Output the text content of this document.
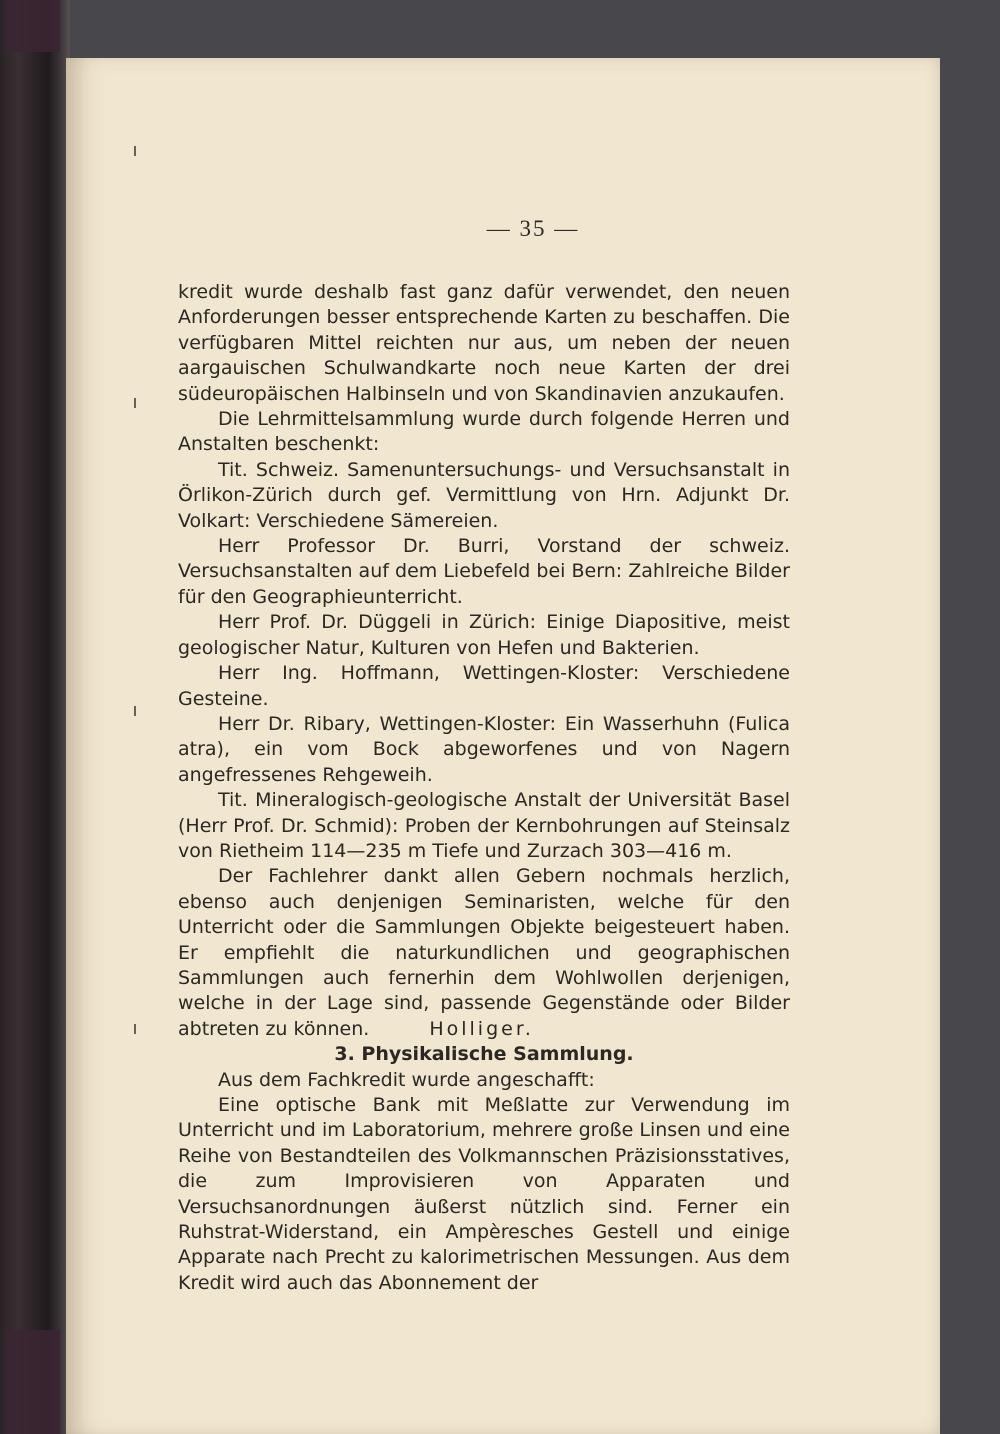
— 35 —

kredit wurde deshalb fast ganz dafür verwendet, den neuen Anforderungen besser entsprechende Karten zu beschaffen. Die verfügbaren Mittel reichten nur aus, um neben der neuen aargauischen Schulwandkarte noch neue Karten der drei südeuropäischen Halbinseln und von Skandinavien anzukaufen.

Die Lehrmittelsammlung wurde durch folgende Herren und Anstalten beschenkt:

Tit. Schweiz. Samenuntersuchungs- und Versuchsanstalt in Örlikon-Zürich durch gef. Vermittlung von Hrn. Adjunkt Dr. Volkart: Verschiedene Sämereien.

Herr Professor Dr. Burri, Vorstand der schweiz. Versuchsanstalten auf dem Liebefeld bei Bern: Zahlreiche Bilder für den Geographieunterricht.

Herr Prof. Dr. Düggeli in Zürich: Einige Diapositive, meist geologischer Natur, Kulturen von Hefen und Bakterien.

Herr Ing. Hoffmann, Wettingen-Kloster: Verschiedene Gesteine.

Herr Dr. Ribary, Wettingen-Kloster: Ein Wasserhuhn (Fulica atra), ein vom Bock abgeworfenes und von Nagern angefressenes Rehgeweih.

Tit. Mineralogisch-geologische Anstalt der Universität Basel (Herr Prof. Dr. Schmid): Proben der Kernbohrungen auf Steinsalz von Rietheim 114—235 m Tiefe und Zurzach 303—416 m.

Der Fachlehrer dankt allen Gebern nochmals herzlich, ebenso auch denjenigen Seminaristen, welche für den Unterricht oder die Sammlungen Objekte beigesteuert haben. Er empfiehlt die naturkundlichen und geographischen Sammlungen auch fernerhin dem Wohlwollen derjenigen, welche in der Lage sind, passende Gegenstände oder Bilder abtreten zu können.	Holliger.

3. Physikalische Sammlung.

Aus dem Fachkredit wurde angeschafft:

Eine optische Bank mit Meßlatte zur Verwendung im Unterricht und im Laboratorium, mehrere große Linsen und eine Reihe von Bestandteilen des Volkmannschen Präzisionsstatives, die zum Improvisieren von Apparaten und Versuchsanordnungen äußerst nützlich sind. Ferner ein Ruhstrat-Widerstand, ein Ampèresches Gestell und einige Apparate nach Precht zu kalorimetrischen Messungen. Aus dem Kredit wird auch das Abonnement der
